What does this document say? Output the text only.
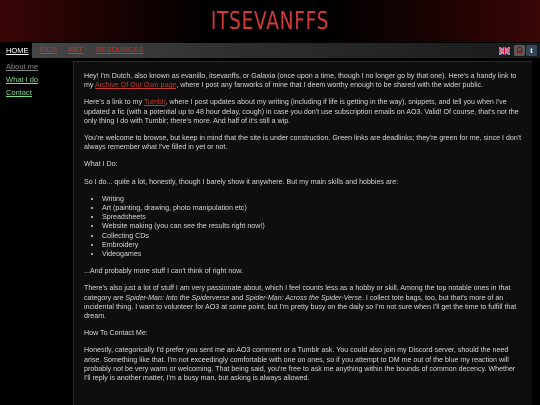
ITSEVANFFS
HOME	FICS ART RESOURCES	t
About me
What I do
Contact

Hey! I'm Dutch, also known as evanillo, itsevanffs, or Galaxia (once upon a time, though I no longer go by that one). Here's a handy link to my Archive Of Our Own page, where I post any fanworks of mine that I deem worthy enough to be shared with the wider public.

Here's a link to my Tumblr, where I post updates about my writing (including if life is getting in the way), snippets, and tell you when I've updated a fic (with a potential up to 48 hour delay, cough) in case you don't use subscription emails on AO3. Valid! Of course, that's not the only thing I do with Tumblr; there's more. And half of it's still a wip.

You're welcome to browse, but keep in mind that the site is under construction. Green links are deadlinks; they're green for me, since I don't always remember what I've filled in yet or not.

What I Do:

So I do... quite a lot, honestly, though I barely show it anywhere. But my main skills and hobbies are:

• Writing
• Art (painting, drawing, photo manipulation etc)
• Spreadsheets
• Website making (you can see the results right now!)
• Collecting CDs
• Embroidery
• Videogames

...And probably more stuff I can't think of right now.

There's also just a lot of stuff I am very passionate about, which I feel counts less as a hobby or skill. Among the top notable ones in that category are Spider-Man: Into the Spiderverse and Spider-Man: Across the Spider-Verse. I collect tote bags, too, but that's more of an incidental thing. I want to volunteer for AO3 at some point, but I'm pretty busy on the daily so I'm not sure when I'll get the time to fulfill that dream.

How To Contact Me:

Honestly, categorically I'd prefer you sent me an AO3 comment or a Tumblr ask. You could also join my Discord server, should the need arise. Something like that. I'm not exceedingly comfortable with one on ones, so if you attempt to DM me out of the blue my reaction will probably not be very warm or welcoming. That being said, you're free to ask me anything within the bounds of common decency. Whether I'll reply is another matter, I'm a busy man, but asking is always allowed.
